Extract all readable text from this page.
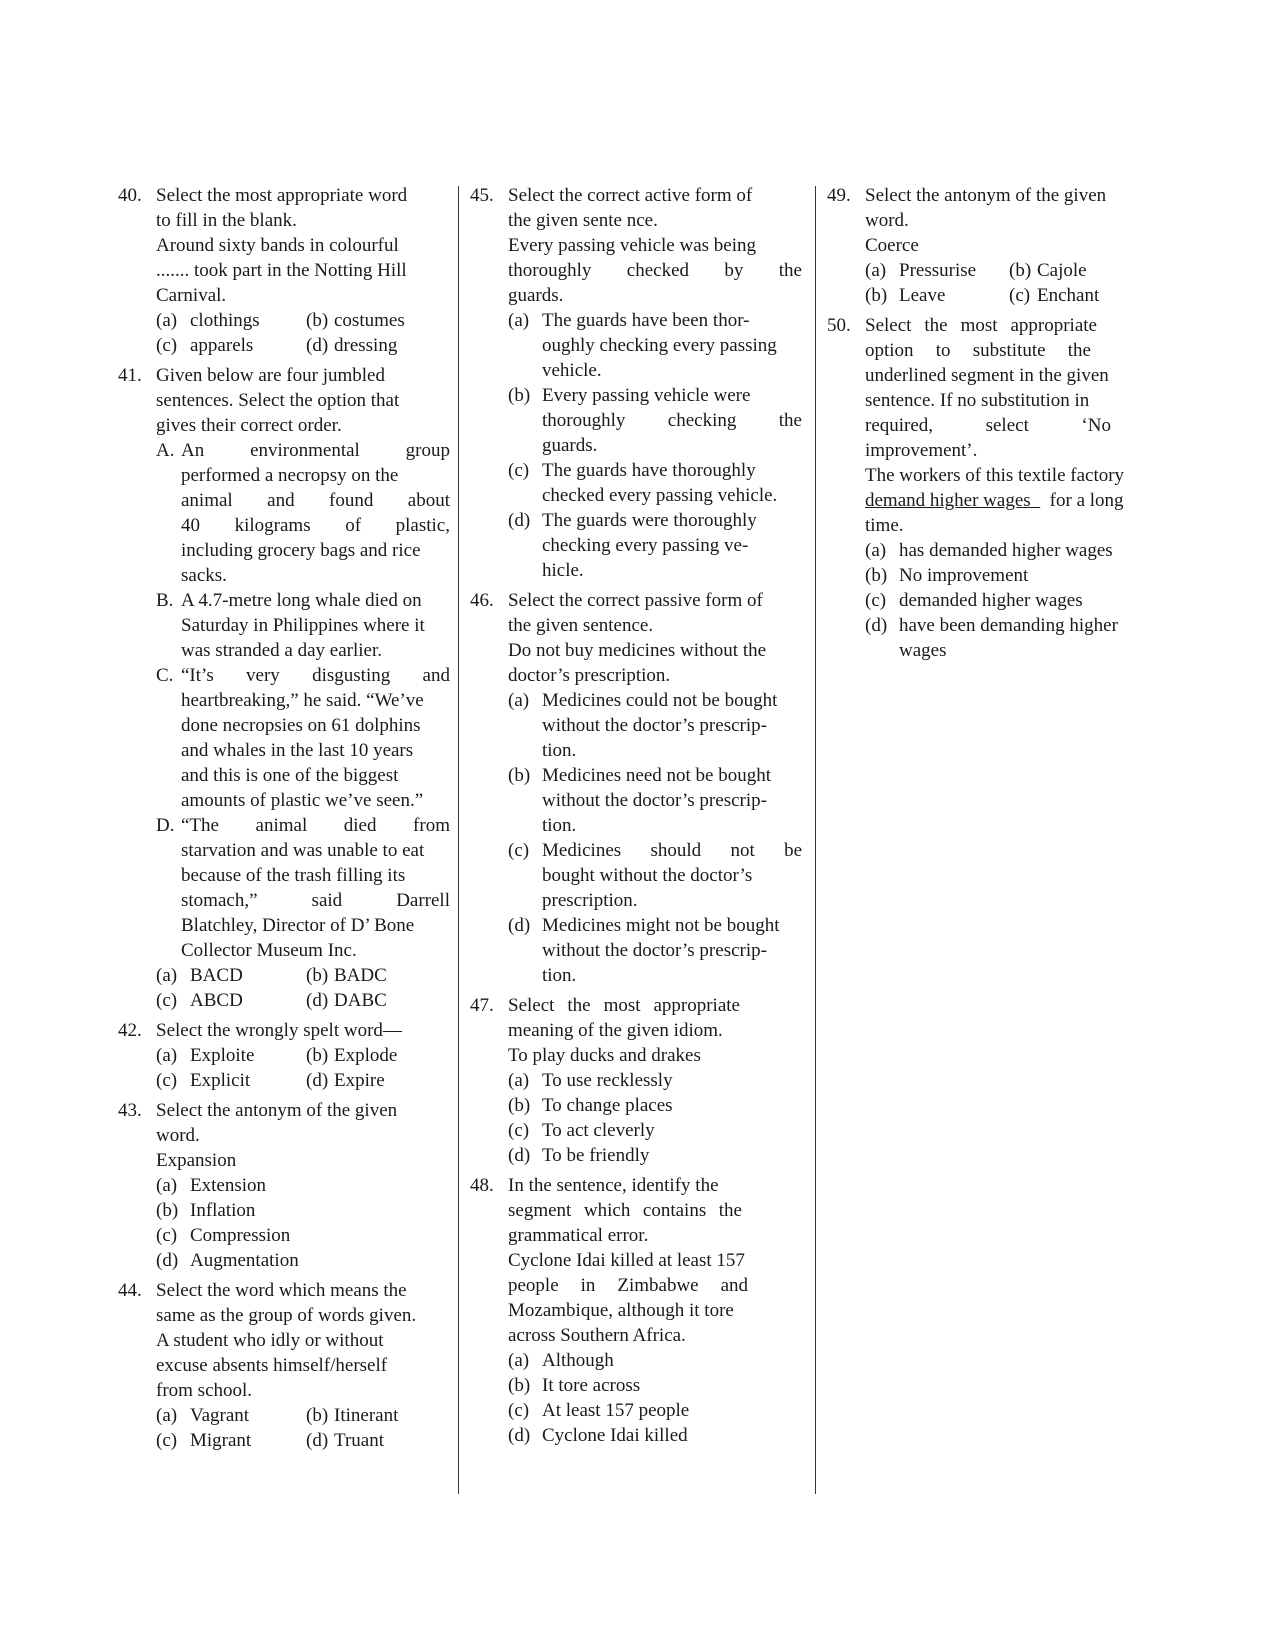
40. Select the most appropriate word
to fill in the blank.
Around sixty bands in colourful
....... took part in the Notting Hill
Carnival.
(a) clothings	(b) costumes
(c) apparels	(d) dressing
41. Given below are four jumbled
sentences. Select the option that
gives their correct order.
A. An environmental group
performed a necropsy on the
animal and found about
40 kilograms of plastic,
including grocery bags and rice
sacks.
B. A 4.7-metre long whale died on
Saturday in Philippines where it
was stranded a day earlier.
C. “It’s very disgusting and
heartbreaking,” he said. “We’ve
done necropsies on 61 dolphins
and whales in the last 10 years
and this is one of the biggest
amounts of plastic we’ve seen.”
D. “The animal died from
starvation and was unable to eat
because of the trash filling its
stomach,”	said	Darrell
Blatchley, Director of D’ Bone
Collector Museum Inc.
(a) BACD	(b) BADC
(c) ABCD	(d) DABC
42. Select the wrongly spelt word—
(a) Exploite	(b) Explode
(c) Explicit	(d) Expire
43. Select the antonym of the given
word.
Expansion
(a) Extension
(b) Inflation
(c) Compression
(d) Augmentation
44. Select the word which means the
same as the group of words given.
A student who idly or without
excuse absents himself/herself
from school.
(a) Vagrant	(b) Itinerant
(c) Migrant	(d) Truant
45. Select the correct active form of
the given sente nce.
Every passing vehicle was being
thoroughly checked by the
guards.
(a) The guards have been thor-
oughly checking every passing
vehicle.
(b) Every passing vehicle were
thoroughly checking the
guards.
(c) The guards have thoroughly
checked every passing vehicle.
(d) The guards were thoroughly
checking every passing ve-
hicle.
46. Select the correct passive form of
the given sentence.
Do not buy medicines without the
doctor’s prescription.
(a) Medicines could not be bought
without the doctor’s prescrip-
tion.
(b) Medicines need not be bought
without the doctor’s prescrip-
tion.
(c) Medicines should not be
bought without the doctor’s
prescription.
(d) Medicines might not be bought
without the doctor’s prescrip-
tion.
47. Select the most appropriate
meaning of the given idiom.
To play ducks and drakes
(a) To use recklessly
(b) To change places
(c) To act cleverly
(d) To be friendly
48. In the sentence, identify the
segment which contains the
grammatical error.
Cyclone Idai killed at least 157
people in Zimbabwe and
Mozambique, although it tore
across Southern Africa.
(a) Although
(b) It tore across
(c) At least 157 people
(d) Cyclone Idai killed
49. Select the antonym of the given
word.
Coerce
(a) Pressurise	(b) Cajole
(b) Leave	(c) Enchant
50. Select the most appropriate
option to substitute the
underlined segment in the given
sentence. If no substitution in
required,	select	‘No
improvement’.
The workers of this textile factory
demand higher wages for a long
time.
(a) has demanded higher wages
(b) No improvement
(c) demanded higher wages
(d) have been demanding higher
wages
